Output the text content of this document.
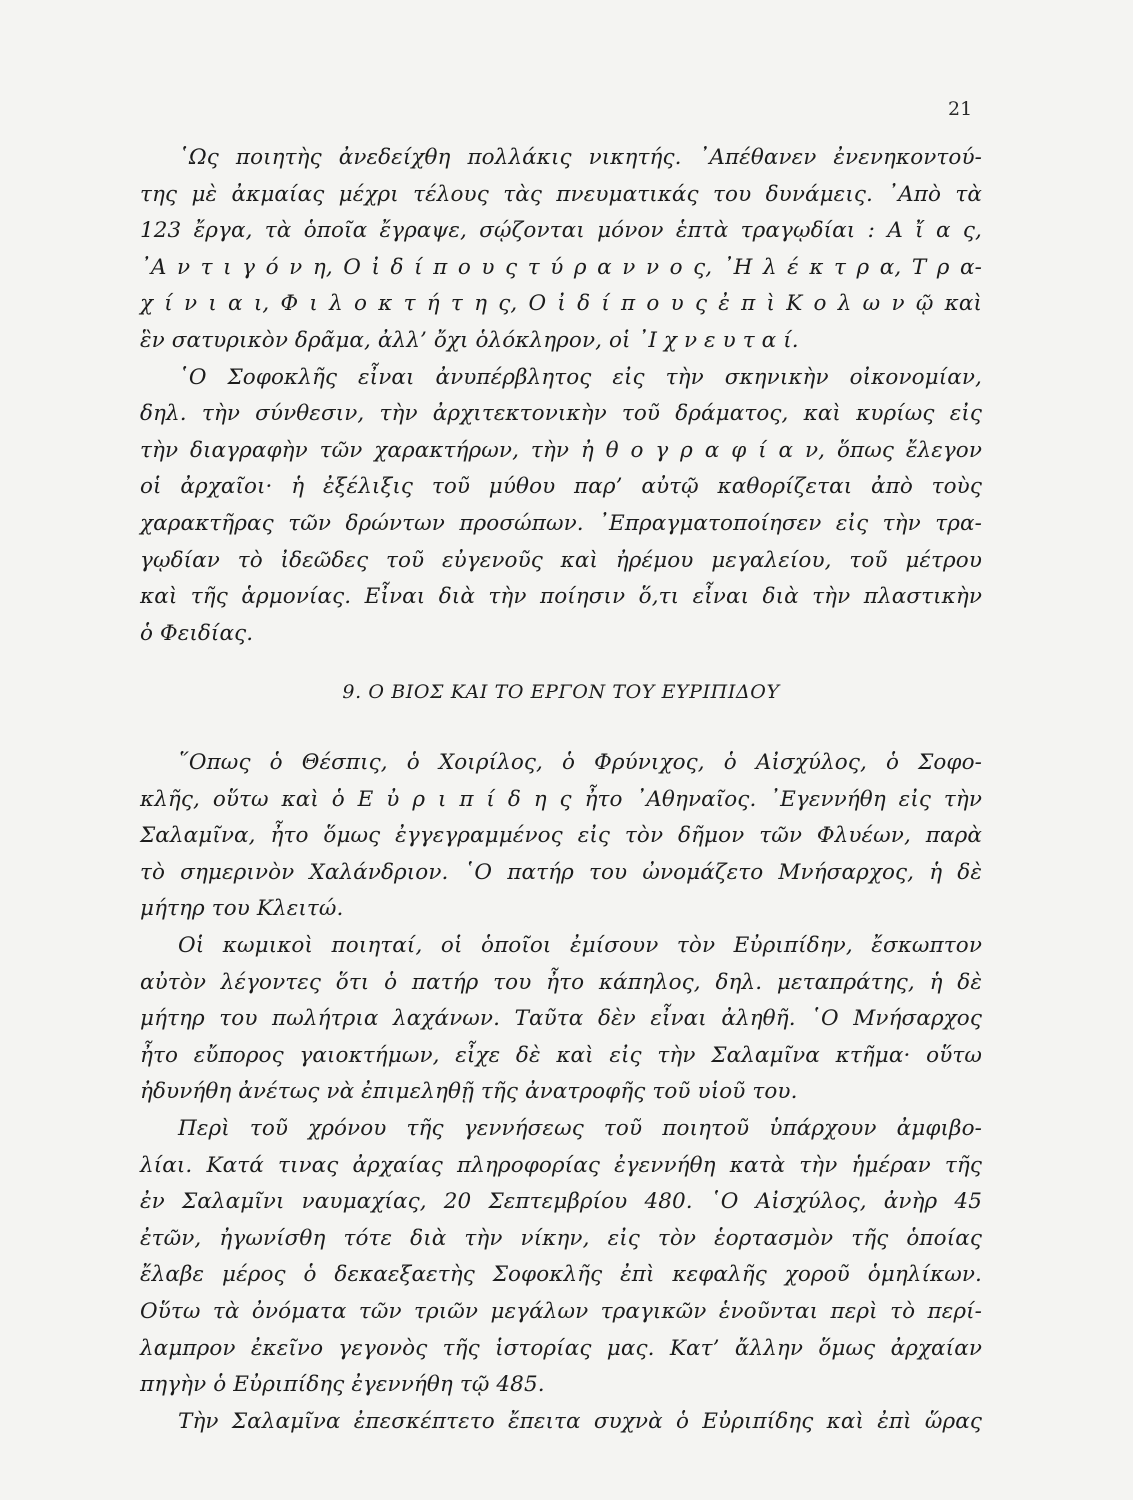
21
῾Ως ποιητὴς ἀνεδείχθη πολλάκις νικητής. ᾿Απέθανεν ἐνενηκοντού-
της μὲ ἀκμαίας μέχρι τέλους τὰς πνευματικάς του δυνάμεις. ᾿Απὸ τὰ
123 ἔργα, τὰ ὁποῖα ἔγραψε, σῴζονται μόνον ἑπτὰ τραγῳδίαι : Α ἴ α ς,
᾿Α ν τ ι γ ό ν η, Ο ἰ δ ί π ο υ ς τ ύ ρ α ν ν ο ς, ᾿Η λ έ κ τ ρ α, Τ ρ α-
χ ί ν ι α ι, Φ ι λ ο κ τ ή τ η ς, Ο ἰ δ ί π ο υ ς ἐ π ὶ Κ ο λ ω ν ῷ καὶ
ἓν σατυρικὸν δρᾶμα, ἀλλ’ ὄχι ὁλόκληρον, οἱ ᾿Ι χ ν ε υ τ α ί.
῾Ο Σοφοκλῆς εἶναι ἀνυπέρβλητος εἰς τὴν σκηνικὴν οἰκονομίαν,
δηλ. τὴν σύνθεσιν, τὴν ἀρχιτεκτονικὴν τοῦ δράματος, καὶ κυρίως εἰς
τὴν διαγραφὴν τῶν χαρακτήρων, τὴν ἠ θ ο γ ρ α φ ί α ν, ὅπως ἔλεγον
οἱ ἀρχαῖοι· ἡ ἐξέλιξις τοῦ μύθου παρ’ αὐτῷ καθορίζεται ἀπὸ τοὺς
χαρακτῆρας τῶν δρώντων προσώπων. ᾿Επραγματοποίησεν εἰς τὴν τρα-
γῳδίαν τὸ ἰδεῶδες τοῦ εὐγενοῦς καὶ ἠρέμου μεγαλείου, τοῦ μέτρου
καὶ τῆς ἁρμονίας. Εἶναι διὰ τὴν ποίησιν ὅ,τι εἶναι διὰ τὴν πλαστικὴν
ὁ Φειδίας.
9. Ο ΒΙΟΣ ΚΑΙ ΤΟ ΕΡΓΟΝ ΤΟΥ ΕΥΡΙΠΙΔΟΥ
῞Οπως ὁ Θέσπις, ὁ Χοιρίλος, ὁ Φρύνιχος, ὁ Αἰσχύλος, ὁ Σοφο-
κλῆς, οὕτω καὶ ὁ Ε ὐ ρ ι π ί δ η ς ἦτο ᾿Αθηναῖος. ᾿Εγεννήθη εἰς τὴν
Σαλαμῖνα, ἦτο ὅμως ἐγγεγραμμένος εἰς τὸν δῆμον τῶν Φλυέων, παρὰ
τὸ σημερινὸν Χαλάνδριον. ῾Ο πατήρ του ὠνομάζετο Μνήσαρχος, ἡ δὲ
μήτηρ του Κλειτώ.
Οἱ κωμικοὶ ποιηταί, οἱ ὁποῖοι ἐμίσουν τὸν Εὐριπίδην, ἔσκωπτον
αὐτὸν λέγοντες ὅτι ὁ πατήρ του ἦτο κάπηλος, δηλ. μεταπράτης, ἡ δὲ
μήτηρ του πωλήτρια λαχάνων. Ταῦτα δὲν εἶναι ἀληθῆ. ῾Ο Μνήσαρχος
ἦτο εὔπορος γαιοκτήμων, εἶχε δὲ καὶ εἰς τὴν Σαλαμῖνα κτῆμα· οὕτω
ἠδυνήθη ἀνέτως νὰ ἐπιμεληθῇ τῆς ἀνατροφῆς τοῦ υἱοῦ του.
Περὶ τοῦ χρόνου τῆς γεννήσεως τοῦ ποιητοῦ ὑπάρχουν ἀμφιβο-
λίαι. Κατά τινας ἀρχαίας πληροφορίας ἐγεννήθη κατὰ τὴν ἡμέραν τῆς
ἐν Σαλαμῖνι ναυμαχίας, 20 Σεπτεμβρίου 480. ῾Ο Αἰσχύλος, ἀνὴρ 45
ἐτῶν, ἠγωνίσθη τότε διὰ τὴν νίκην, εἰς τὸν ἑορτασμὸν τῆς ὁποίας
ἔλαβε μέρος ὁ δεκαεξαετὴς Σοφοκλῆς ἐπὶ κεφαλῆς χοροῦ ὁμηλίκων.
Οὕτω τὰ ὀνόματα τῶν τριῶν μεγάλων τραγικῶν ἑνοῦνται περὶ τὸ περί-
λαμπρον ἐκεῖνο γεγονὸς τῆς ἱστορίας μας. Κατ’ ἄλλην ὅμως ἀρχαίαν
πηγὴν ὁ Εὐριπίδης ἐγεννήθη τῷ 485.
Τὴν Σαλαμῖνα ἐπεσκέπτετο ἔπειτα συχνὰ ὁ Εὐριπίδης καὶ ἐπὶ ὥρας
